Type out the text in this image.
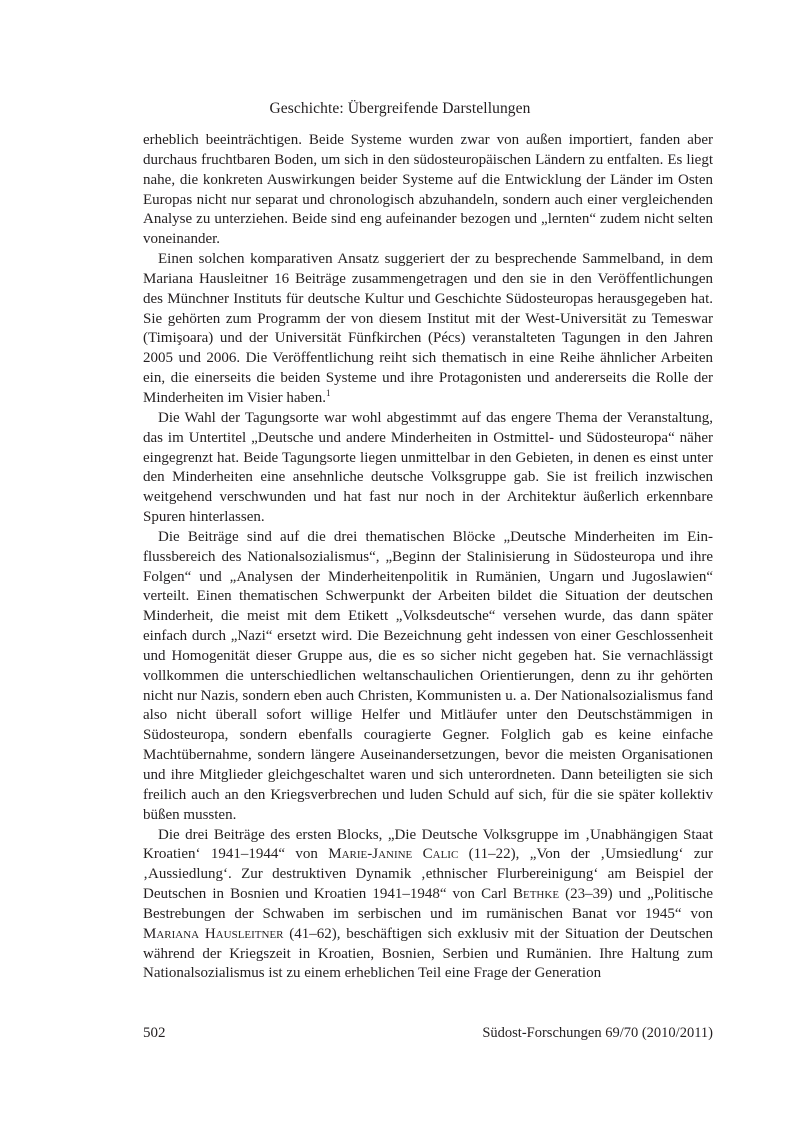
Geschichte: Übergreifende Darstellungen

erheblich beeinträchtigen. Beide Systeme wurden zwar von außen importiert, fanden aber durchaus fruchtbaren Boden, um sich in den südosteuropäischen Ländern zu entfalten. Es liegt nahe, die konkreten Auswirkungen beider Systeme auf die Entwicklung der Länder im Osten Europas nicht nur separat und chronologisch abzuhandeln, sondern auch einer vergleichenden Analyse zu unterziehen. Beide sind eng aufeinander bezogen und „lernten“ zudem nicht selten voneinander.

Einen solchen komparativen Ansatz suggeriert der zu besprechende Sammelband, in dem Mariana Hausleitner 16 Beiträge zusammengetragen und den sie in den Veröffentlichungen des Münchner Instituts für deutsche Kultur und Geschichte Südosteuropas herausgegeben hat. Sie gehörten zum Programm der von diesem Institut mit der West-Universität zu Temeswar (Timişoara) und der Universität Fünfkirchen (Pécs) veranstalteten Tagungen in den Jahren 2005 und 2006. Die Veröffentlichung reiht sich thematisch in eine Reihe ähnlicher Arbeiten ein, die einerseits die beiden Systeme und ihre Protagonisten und andererseits die Rolle der Minderheiten im Visier haben.$^1$

Die Wahl der Tagungsorte war wohl abgestimmt auf das engere Thema der Veranstaltung, das im Untertitel „Deutsche und andere Minderheiten in Ostmittel- und Südosteuropa“ näher eingegrenzt hat. Beide Tagungsorte liegen unmittelbar in den Gebieten, in denen es einst unter den Minderheiten eine ansehnliche deutsche Volksgruppe gab. Sie ist freilich inzwischen weitgehend verschwunden und hat fast nur noch in der Architektur äußerlich erkennbare Spuren hinterlassen.

Die Beiträge sind auf die drei thematischen Blöcke „Deutsche Minderheiten im Einflussbereich des Nationalsozialismus“, „Beginn der Stalinisierung in Südosteuropa und ihre Folgen“ und „Analysen der Minderheitenpolitik in Rumänien, Ungarn und Jugoslawien“ verteilt. Einen thematischen Schwerpunkt der Arbeiten bildet die Situation der deutschen Minderheit, die meist mit dem Etikett „Volksdeutsche“ versehen wurde, das dann später einfach durch „Nazi“ ersetzt wird. Die Bezeichnung geht indessen von einer Geschlossenheit und Homogenität dieser Gruppe aus, die es so sicher nicht gegeben hat. Sie vernachlässigt vollkommen die unterschiedlichen weltanschaulichen Orientierungen, denn zu ihr gehörten nicht nur Nazis, sondern eben auch Christen, Kommunisten u. a. Der Nationalsozialismus fand also nicht überall sofort willige Helfer und Mitläufer unter den Deutschstämmigen in Südosteuropa, sondern ebenfalls couragierte Gegner. Folglich gab es keine einfache Machtübernahme, sondern längere Auseinandersetzungen, bevor die meisten Organisationen und ihre Mitglieder gleichgeschaltet waren und sich unterordneten. Dann beteiligten sie sich freilich auch an den Kriegsverbrechen und luden Schuld auf sich, für die sie später kollektiv büßen mussten.

Die drei Beiträge des ersten Blocks, „Die Deutsche Volksgruppe im ‚Unabhängigen Staat Kroatien‘ 1941–1944“ von Marie-Janine Calic (11–22), „Von der ‚Umsiedlung‘ zur ‚Aussiedlung‘. Zur destruktiven Dynamik ‚ethnischer Flurbereinigung‘ am Beispiel der Deutschen in Bosnien und Kroatien 1941–1948“ von Carl Bethke (23–39) und „Politische Bestrebungen der Schwaben im serbischen und im rumänischen Banat vor 1945“ von Mariana Hausleitner (41–62), beschäftigen sich exklusiv mit der Situation der Deutschen während der Kriegszeit in Kroatien, Bosnien, Serbien und Rumänien. Ihre Haltung zum Nationalsozialismus ist zu einem erheblichen Teil eine Frage der Generation

502	Südost-Forschungen 69/70 (2010/2011)
